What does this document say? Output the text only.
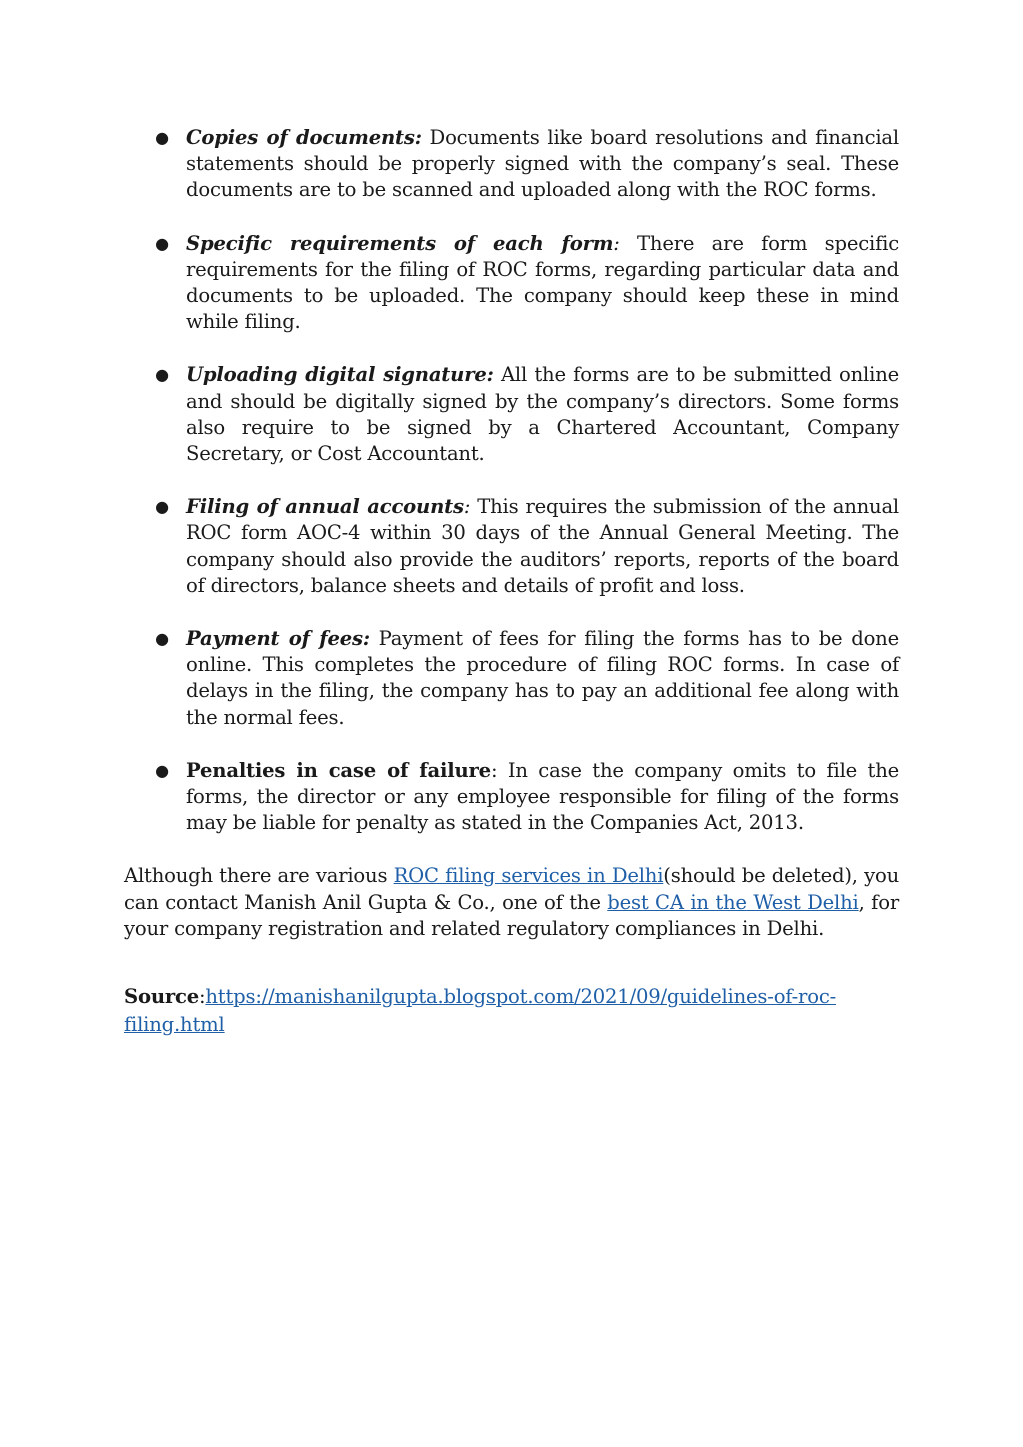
● Copies of documents: Documents like board resolutions and financial statements should be properly signed with the company’s seal. These documents are to be scanned and uploaded along with the ROC forms.
● Specific requirements of each form: There are form specific requirements for the filing of ROC forms, regarding particular data and documents to be uploaded. The company should keep these in mind while filing.
● Uploading digital signature: All the forms are to be submitted online and should be digitally signed by the company’s directors. Some forms also require to be signed by a Chartered Accountant, Company Secretary, or Cost Accountant.
● Filing of annual accounts: This requires the submission of the annual ROC form AOC-4 within 30 days of the Annual General Meeting. The company should also provide the auditors’ reports, reports of the board of directors, balance sheets and details of profit and loss.
● Payment of fees: Payment of fees for filing the forms has to be done online. This completes the procedure of filing ROC forms. In case of delays in the filing, the company has to pay an additional fee along with the normal fees.
● Penalties in case of failure: In case the company omits to file the forms, the director or any employee responsible for filing of the forms may be liable for penalty as stated in the Companies Act, 2013.

Although there are various ROC filing services in Delhi(should be deleted), you can contact Manish Anil Gupta & Co., one of the best CA in the West Delhi, for your company registration and related regulatory compliances in Delhi.

Source:https://manishanilgupta.blogspot.com/2021/09/guidelines-of-roc-filing.html
